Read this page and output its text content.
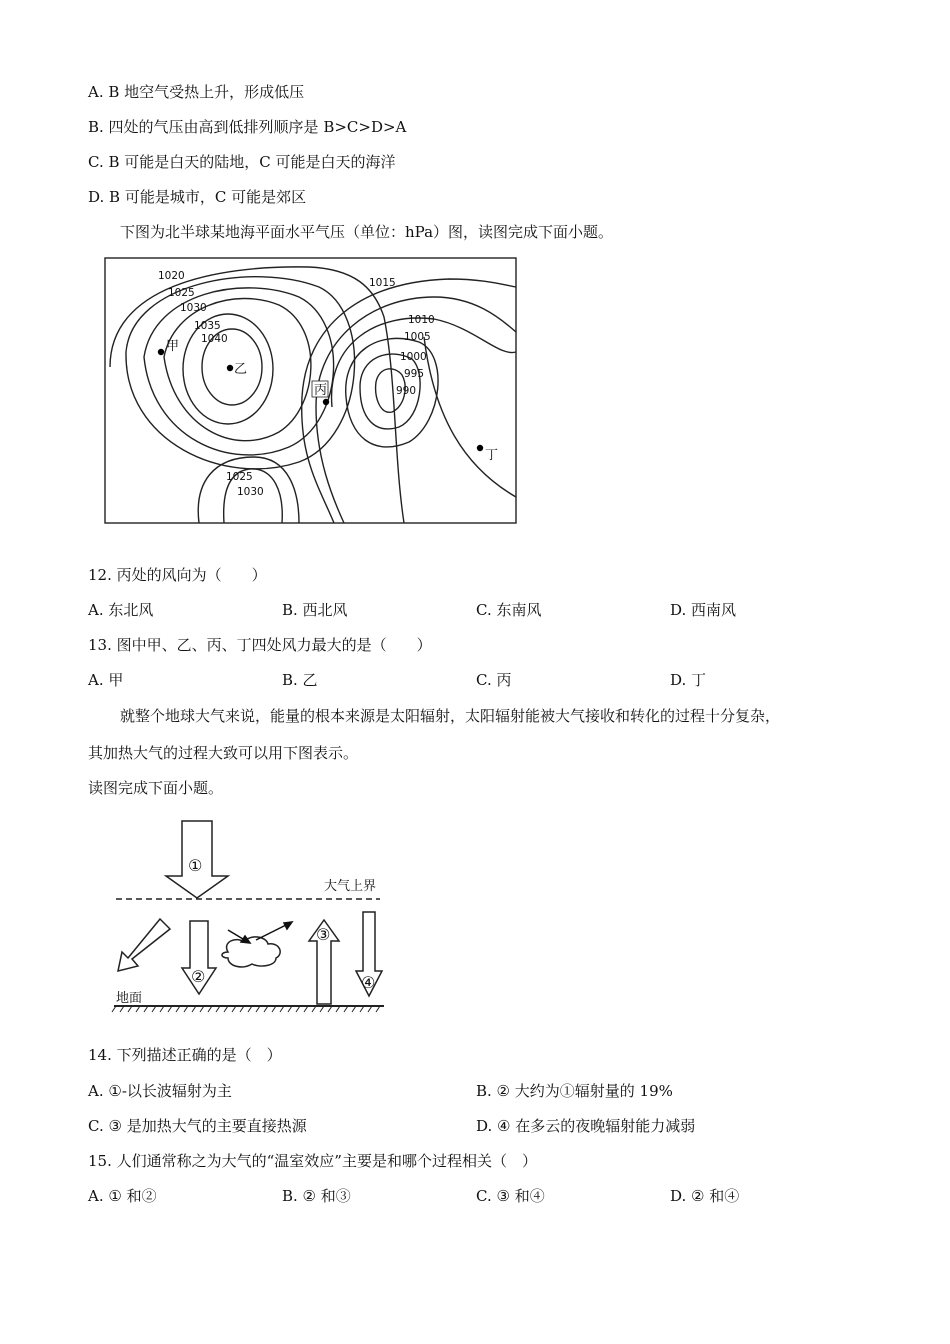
A. B 地空气受热上升，形成低压
B. 四处的气压由高到低排列顺序是 B>C>D>A
C. B 可能是白天的陆地，C 可能是白天的海洋
D. B 可能是城市，C 可能是郊区
下图为北半球某地海平面水平气压（单位：hPa）图，读图完成下面小题。
1020
1025
1030
1035
1040
1015
1010
1005
1000
995
990
1025
1030
甲
乙
丙
丁
12. 丙处的风向为（　　）
A. 东北风	B. 西北风	C. 东南风	D. 西南风
13. 图中甲、乙、丙、丁四处风力最大的是（　　）
A. 甲	B. 乙	C. 丙	D. 丁
就整个地球大气来说，能量的根本来源是太阳辐射，太阳辐射能被大气接收和转化的过程十分复杂，
其加热大气的过程大致可以用下图表示。
读图完成下面小题。
①
②
③
④
大气上界
地面
14. 下列描述正确的是（　）
A. ①-以长波辐射为主	B. ② 大约为①辐射量的 19%
C. ③ 是加热大气的主要直接热源	D. ④ 在多云的夜晚辐射能力减弱
15. 人们通常称之为大气的“温室效应”主要是和哪个过程相关（　）
A. ① 和②	B. ② 和③	C. ③ 和④	D. ② 和④
